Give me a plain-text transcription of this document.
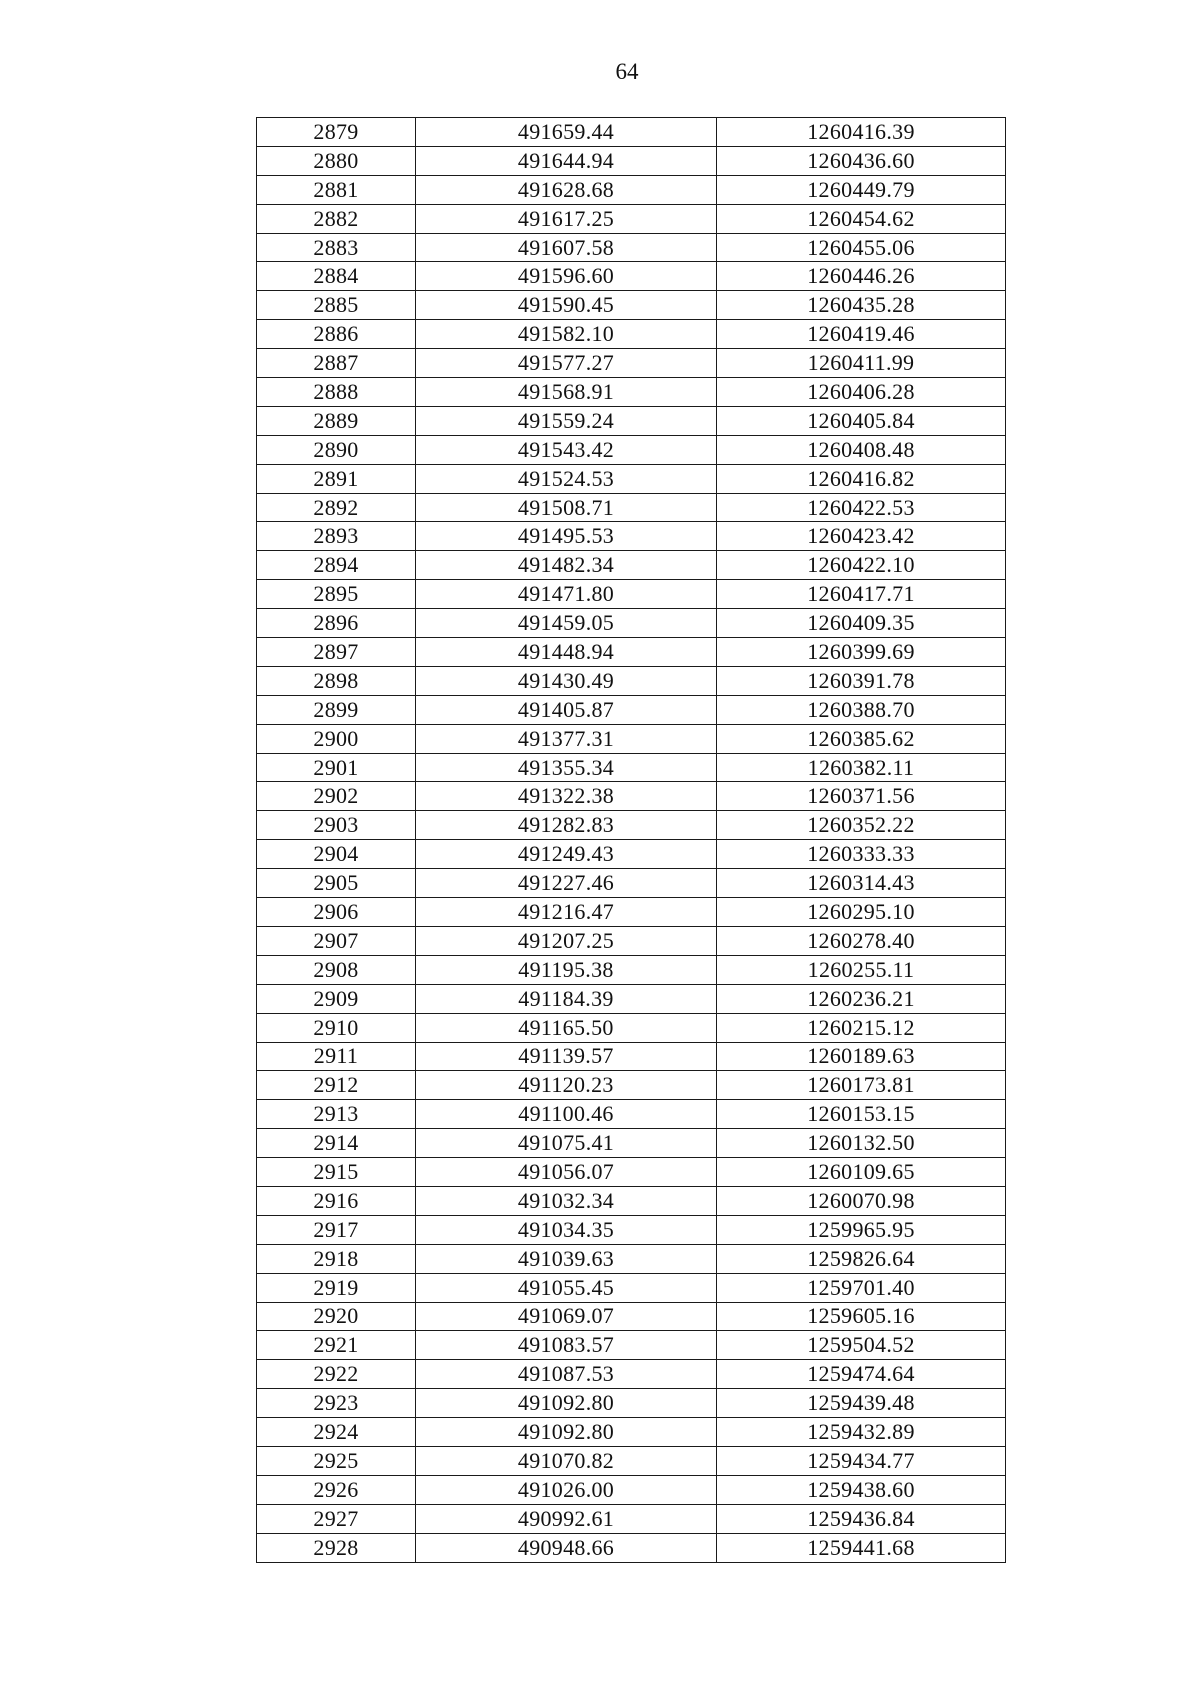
64
2879	491659.44	1260416.39
2880	491644.94	1260436.60
2881	491628.68	1260449.79
2882	491617.25	1260454.62
2883	491607.58	1260455.06
2884	491596.60	1260446.26
2885	491590.45	1260435.28
2886	491582.10	1260419.46
2887	491577.27	1260411.99
2888	491568.91	1260406.28
2889	491559.24	1260405.84
2890	491543.42	1260408.48
2891	491524.53	1260416.82
2892	491508.71	1260422.53
2893	491495.53	1260423.42
2894	491482.34	1260422.10
2895	491471.80	1260417.71
2896	491459.05	1260409.35
2897	491448.94	1260399.69
2898	491430.49	1260391.78
2899	491405.87	1260388.70
2900	491377.31	1260385.62
2901	491355.34	1260382.11
2902	491322.38	1260371.56
2903	491282.83	1260352.22
2904	491249.43	1260333.33
2905	491227.46	1260314.43
2906	491216.47	1260295.10
2907	491207.25	1260278.40
2908	491195.38	1260255.11
2909	491184.39	1260236.21
2910	491165.50	1260215.12
2911	491139.57	1260189.63
2912	491120.23	1260173.81
2913	491100.46	1260153.15
2914	491075.41	1260132.50
2915	491056.07	1260109.65
2916	491032.34	1260070.98
2917	491034.35	1259965.95
2918	491039.63	1259826.64
2919	491055.45	1259701.40
2920	491069.07	1259605.16
2921	491083.57	1259504.52
2922	491087.53	1259474.64
2923	491092.80	1259439.48
2924	491092.80	1259432.89
2925	491070.82	1259434.77
2926	491026.00	1259438.60
2927	490992.61	1259436.84
2928	490948.66	1259441.68
